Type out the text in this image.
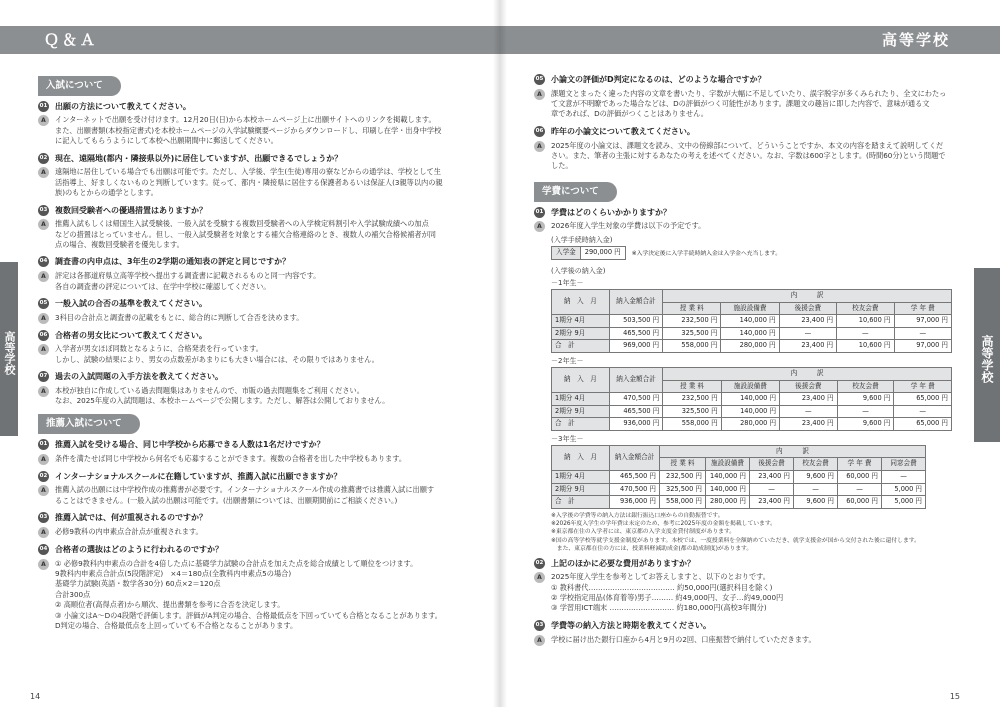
Ｑ＆Ａ
高等学校
入試について
01 出願の方法について教えてください。
A	インターネットで出願を受け付けます。12月20日(日)から本校ホームページ上に出願サイトへのリンクを掲載します。
また、出願書類(本校指定書式)を本校ホームページの入学試験概要ページからダウンロードし、印刷し在学・出身中学校
に記入してもらうようにして本校へ出願期間中に郵送してください。
02 現在、遠隔地(都内・隣接県以外)に居住していますが、出願できるでしょうか？
A	遠隔地に居住している場合でも出願は可能です。ただし、入学後、学生(生徒)専用の寮などからの通学は、学校として生
活指導上、好ましくないものと判断しています。従って、都内・隣接県に居住する保護者あるいは保証人(3親等以内の親
族)のもとからの通学とします。
03 複数回受験者への優遇措置はありますか？
A	推薦入試もしくは帰国生入試受験後、一般入試を受験する複数回受験者への入学検定料割引や入学試験成績への加点
などの措置はとっていません。但し、一般入試受験者を対象とする補欠合格連絡のとき、複数人の補欠合格候補者が同
点の場合、複数回受験者を優先します。
04 調査書の内申点は、3年生の2学期の通知表の評定と同じですか？
A	評定は各都道府県立高等学校へ提出する調査書に記載されるものと同一内容です。
各自の調査書の評定については、在学中学校に確認してください。
05 一般入試の合否の基準を教えてください。
A	3科目の合計点と調査書の記載をもとに、総合的に判断して合否を決めます。
06 合格者の男女比について教えてください。
A	入学者が男女ほぼ同数となるように、合格発表を行っています。
しかし、試験の結果により、男女の点数差があまりにも大きい場合には、その限りではありません。
07 過去の入試問題の入手方法を教えてください。
A	本校が独自に作成している過去問題集はありませんので、市販の過去問題集をご利用ください。
なお、2025年度の入試問題は、本校ホームページで公開します。ただし、解答は公開しておりません。
推薦入試について
01 推薦入試を受ける場合、同じ中学校から応募できる人数は1名だけですか？
A	条件を満たせば同じ中学校から何名でも応募することができます。複数の合格者を出した中学校もあります。
02 インターナショナルスクールに在籍していますが、推薦入試に出願できますか？
A	推薦入試の出願には中学校作成の推薦書が必要です。インターナショナルスクール作成の推薦書では推薦入試に出願す
ることはできません。(一般入試の出願は可能です。(出願書類については、出願期間前にご相談ください。)
03 推薦入試では、何が重視されるのですか？
A	必修9教科の内申素点合計点が重視されます。
04 合格者の選抜はどのように行われるのですか？
A	① 必修9教科内申素点の合計を4倍した点に基礎学力試験の合計点を加えた点を総合成績として順位をつけます。
9教科内申素点合計点(5段階評定)　×4＝180点(全教科内申素点5の場合)
基礎学力試験(英語・数学各30分) 60点×2＝120点
合計300点
② 高順位者(高得点者)から順次、提出書類を参考に合否を決定します。
③ 小論文はA～Dの4段階で評価します。評価がA判定の場合、合格最低点を下回っていても合格となることがあります。
D判定の場合、合格最低点を上回っていても不合格となることがあります。
14
高等学校
高等学校
05 小論文の評価がD判定になるのは、どのような場合ですか？
A	課題文とまったく違った内容の文章を書いたり、字数が大幅に不足していたり、誤字脱字が多くみられたり、全文にわたっ
て文意が不明瞭であった場合などは、Dの評価がつく可能性があります。課題文の趣旨に即した内容で、意味が通る文
章であれば、Dの評価がつくことはありません。
06 昨年の小論文について教えてください。
A	2025年度の小論文は、課題文を読み、文中の傍線部について、どういうことですか、本文の内容を踏まえて説明してくだ
さい。また、筆者の主張に対するあなたの考えを述べてください。なお、字数は600字とします。(時間60分)という問題で
した。
学費について
01 学費はどのくらいかかりますか？
A	2026年度入学生対象の学費は以下の予定です。
(入学手続時納入金)
入学金	290,000 円 ※入学決定後に入学手続時納入金は入学金へ充当します。
(入学後の納入金)
－1年生－
納　入　月	納入金額合計	内　　　訳				
		授 業 料	施設設備費	後援会費	校友会費	学 年 費
1期分 4月	503,500 円	232,500 円	140,000 円	23,400 円	10,600 円	97,000 円
2期分 9月	465,500 円	325,500 円	140,000 円	—	—	—
合　計	969,000 円	558,000 円	280,000 円	23,400 円	10,600 円	97,000 円
－2年生－
納　入　月	納入金額合計	内　　　訳				
		授 業 料	施設設備費	後援会費	校友会費	学 年 費
1期分 4月	470,500 円	232,500 円	140,000 円	23,400 円	9,600 円	65,000 円
2期分 9月	465,500 円	325,500 円	140,000 円	—	—	—
合　計	936,000 円	558,000 円	280,000 円	23,400 円	9,600 円	65,000 円
－3年生－
納　入　月	納入金額合計	内　　　訳					
		授 業 料	施設設備費	後援会費	校友会費	学 年 費	同窓会費
1期分 4月	465,500 円	232,500 円	140,000 円	23,400 円	9,600 円	60,000 円	—
2期分 9月	470,500 円	325,500 円	140,000 円	—	—	—	5,000 円
合　計	936,000 円	558,000 円	280,000 円	23,400 円	9,600 円	60,000 円	5,000 円
※入学後の学費等の納入方法は銀行振込口座からの自動振替です。
※2026年度入学生の学年費は未定のため、参考に2025年度の金額を掲載しています。
※東京都在住の入学者には、東京都の入学支度金貸付制度があります。
※国の高等学校等就学支援金制度があります。本校では、一度授業料を全額納めていただき、就学支援金が国から交付された後に還付します。
　また、東京都在住の方には、授業料軽減助成金(都の助成制度)があります。
02 上記のほかに必要な費用がありますか？
A	2025年度入学生を参考としてお答えしますと、以下のとおりです。
① 教科書代……………………………… 約50,000円(選択科目を除く)
② 学校指定用品(体育着等)男子……… 約49,000円、女子…約49,000円
③ 学習用ICT端末 ……………………… 約180,000円(高校3年間分)
03 学費等の納入方法と時期を教えてください。
A	学校に届け出た銀行口座から4月と9月の2回、口座振替で納付していただきます。
15
